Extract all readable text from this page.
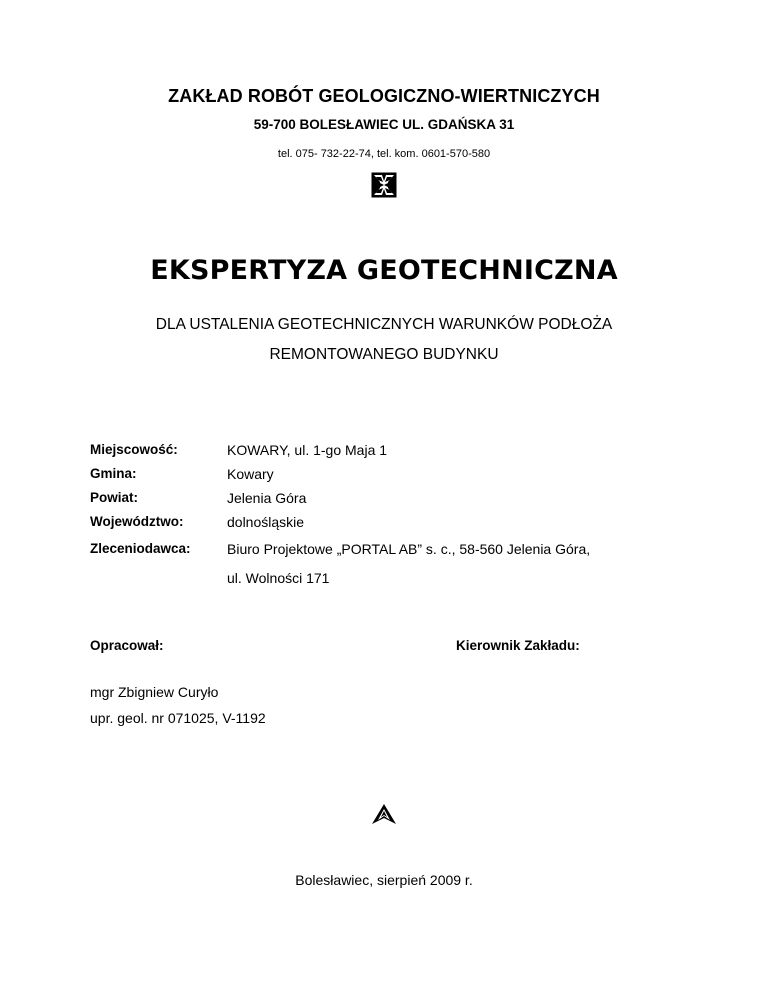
ZAKŁAD ROBÓT GEOLOGICZNO-WIERTNICZYCH
59-700 BOLESŁAWIEC UL. GDAŃSKA 31
tel. 075- 732-22-74, tel. kom. 0601-570-580
EKSPERTYZA GEOTECHNICZNA
DLA USTALENIA GEOTECHNICZNYCH WARUNKÓW PODŁOŻA
REMONTOWANEGO BUDYNKU
Miejscowość:	KOWARY, ul. 1-go Maja 1
Gmina:	Kowary
Powiat:	Jelenia Góra
Województwo:	dolnośląskie
Zleceniodawca:	Biuro Projektowe „PORTAL AB” s. c., 58-560 Jelenia Góra,
ul. Wolności 171
Opracował:	Kierownik Zakładu:
mgr Zbigniew Curyło
upr. geol. nr 071025, V-1192
Bolesławiec, sierpień 2009 r.
